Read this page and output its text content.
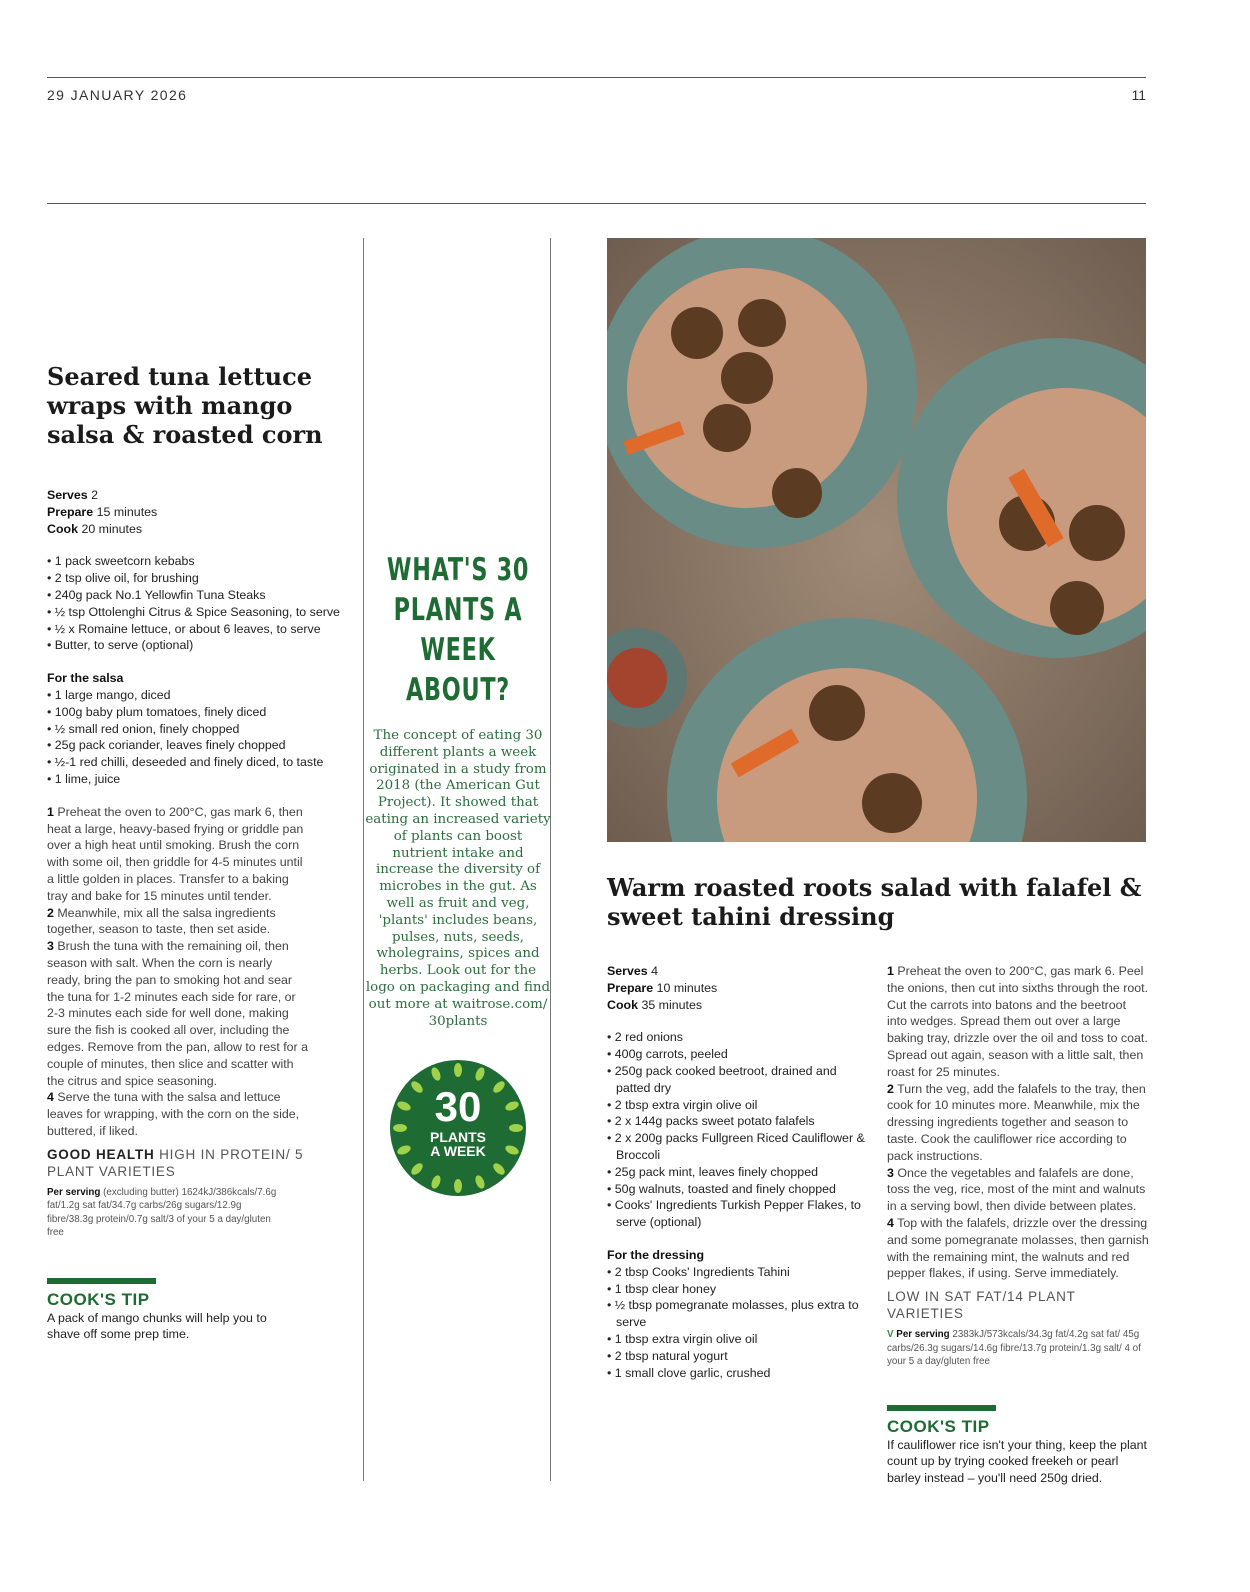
29 JANUARY 2026	11
Seared tuna lettuce wraps with mango salsa & roasted corn
Serves 2
Prepare 15 minutes
Cook 20 minutes
• 1 pack sweetcorn kebabs
• 2 tsp olive oil, for brushing
• 240g pack No.1 Yellowfin Tuna Steaks
• ½ tsp Ottolenghi Citrus & Spice Seasoning, to serve
• ½ x Romaine lettuce, or about 6 leaves, to serve
• Butter, to serve (optional)
For the salsa
• 1 large mango, diced
• 100g baby plum tomatoes, finely diced
• ½ small red onion, finely chopped
• 25g pack coriander, leaves finely chopped
• ½-1 red chilli, deseeded and finely diced, to taste
• 1 lime, juice

1 Preheat the oven to 200°C, gas mark 6, then heat a large, heavy-based frying or griddle pan over a high heat until smoking. Brush the corn with some oil, then griddle for 4-5 minutes until a little golden in places. Transfer to a baking tray and bake for 15 minutes until tender.

2 Meanwhile, mix all the salsa ingredients together, season to taste, then set aside.

3 Brush the tuna with the remaining oil, then season with salt. When the corn is nearly ready, bring the pan to smoking hot and sear the tuna for 1-2 minutes each side for rare, or 2-3 minutes each side for well done, making sure the fish is cooked all over, including the edges. Remove from the pan, allow to rest for a couple of minutes, then slice and scatter with the citrus and spice seasoning.

4 Serve the tuna with the salsa and lettuce leaves for wrapping, with the corn on the side, buttered, if liked.

GOOD HEALTH HIGH IN PROTEIN/ 5 PLANT VARIETIES
Per serving (excluding butter) 1624kJ/386kcals/7.6g fat/1.2g sat fat/34.7g carbs/26g sugars/12.9g fibre/38.3g protein/0.7g salt/3 of your 5 a day/gluten free
COOK'S TIP
A pack of mango chunks will help you to shave off some prep time.
WHAT'S 30 PLANTS A WEEK ABOUT?
The concept of eating 30 different plants a week originated in a study from 2018 (the American Gut Project). It showed that eating an increased variety of plants can boost nutrient intake and increase the diversity of microbes in the gut. As well as fruit and veg, 'plants' includes beans, pulses, nuts, seeds, wholegrains, spices and herbs. Look out for the logo on packaging and find out more at waitrose.com/ 30plants
30
PLANTS
A WEEK
Warm roasted roots salad with falafel & sweet tahini dressing
Serves 4
Prepare 10 minutes
Cook 35 minutes
• 2 red onions
• 400g carrots, peeled
• 250g pack cooked beetroot, drained and patted dry
• 2 tbsp extra virgin olive oil
• 2 x 144g packs sweet potato falafels
• 2 x 200g packs Fullgreen Riced Cauliflower & Broccoli
• 25g pack mint, leaves finely chopped
• 50g walnuts, toasted and finely chopped
• Cooks' Ingredients Turkish Pepper Flakes, to serve (optional)
For the dressing
• 2 tbsp Cooks' Ingredients Tahini
• 1 tbsp clear honey
• ½ tbsp pomegranate molasses, plus extra to serve
• 1 tbsp extra virgin olive oil
• 2 tbsp natural yogurt
• 1 small clove garlic, crushed

1 Preheat the oven to 200°C, gas mark 6. Peel the onions, then cut into sixths through the root. Cut the carrots into batons and the beetroot into wedges. Spread them out over a large baking tray, drizzle over the oil and toss to coat. Spread out again, season with a little salt, then roast for 25 minutes.

2 Turn the veg, add the falafels to the tray, then cook for 10 minutes more. Meanwhile, mix the dressing ingredients together and season to taste. Cook the cauliflower rice according to pack instructions.

3 Once the vegetables and falafels are done, toss the veg, rice, most of the mint and walnuts in a serving bowl, then divide between plates.

4 Top with the falafels, drizzle over the dressing and some pomegranate molasses, then garnish with the remaining mint, the walnuts and red pepper flakes, if using. Serve immediately.

LOW IN SAT FAT/14 PLANT VARIETIES
V Per serving 2383kJ/573kcals/34.3g fat/4.2g sat fat/ 45g carbs/26.3g sugars/14.6g fibre/13.7g protein/1.3g salt/ 4 of your 5 a day/gluten free
COOK'S TIP
If cauliflower rice isn't your thing, keep the plant count up by trying cooked freekeh or pearl barley instead – you'll need 250g dried.
